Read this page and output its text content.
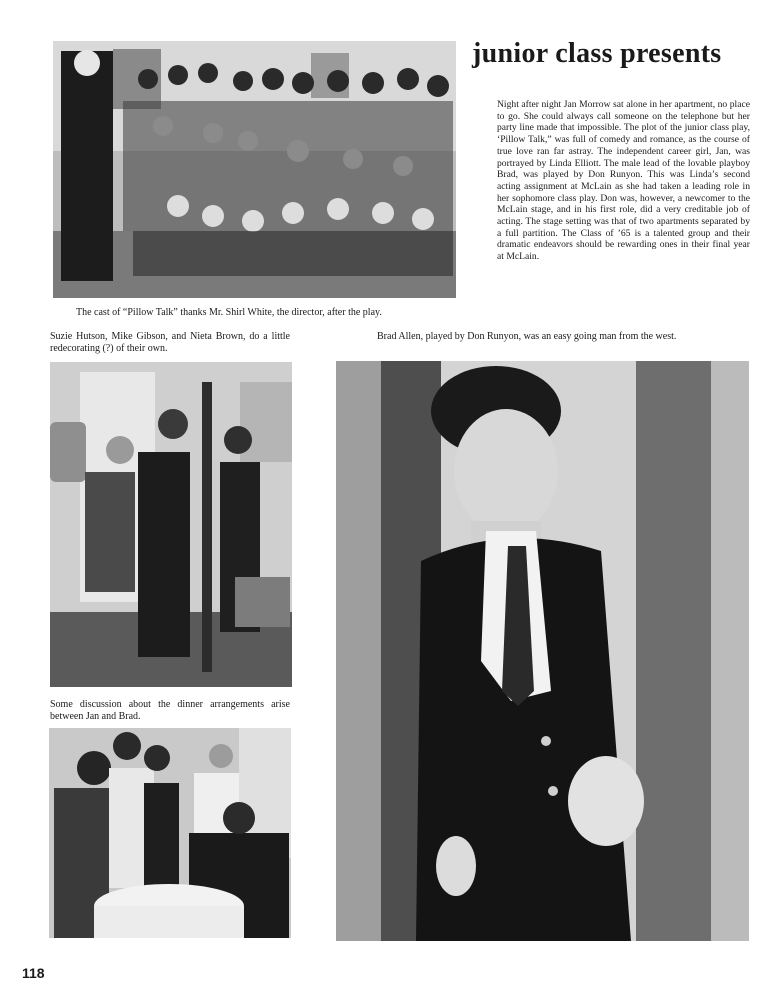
junior class presents
Night after night Jan Morrow sat alone in her apartment, no place to go. She could always call someone on the telephone but her party line made that impossible. The plot of the junior class play, ‘Pillow Talk,” was full of comedy and romance, as the course of true love ran far astray. The independent career girl, Jan, was portrayed by Linda Elliott. The male lead of the lovable playboy Brad, was played by Don Runyon. This was Linda’s second acting assignment at McLain as she had taken a leading role in her sophomore class play. Don was, however, a newcomer to the McLain stage, and in his first role, did a very creditable job of acting. The stage setting was that of two apartments separated by a full partition. The Class of ’65 is a talented group and their dramatic endeavors should be rewarding ones in their final year at McLain.
The cast of “Pillow Talk” thanks Mr. Shirl White, the director, after the play.
Suzie Hutson, Mike Gibson, and Nieta Brown, do a little redecorating (?) of their own.
Brad Allen, played by Don Runyon, was an easy going man from the west.
Some discussion about the dinner arrangements arise between Jan and Brad.
118
